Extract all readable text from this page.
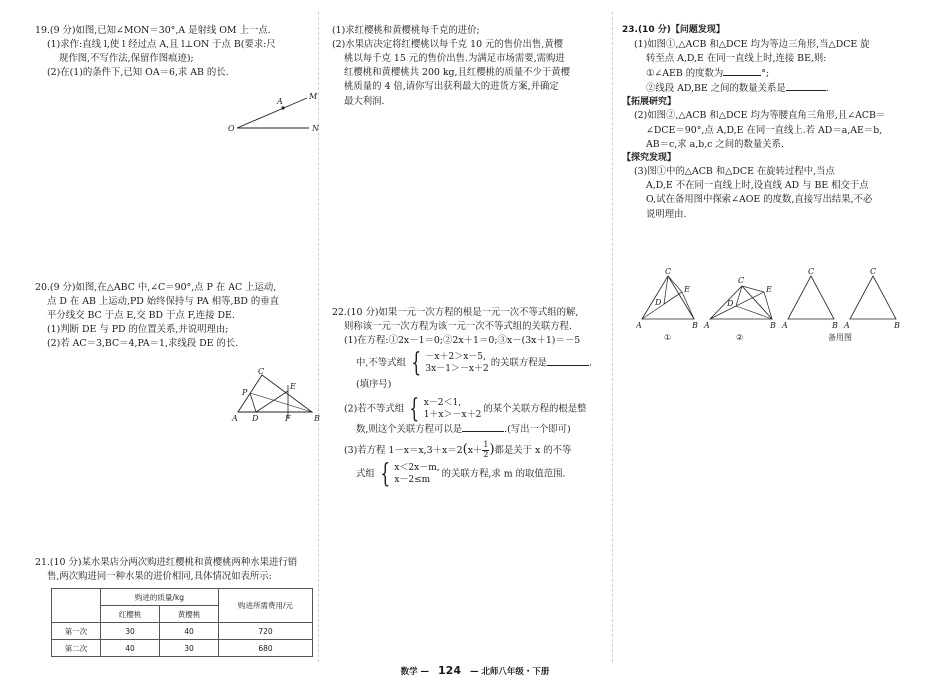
19.(9 分)如图,已知∠MON＝30°,A 是射线 OM 上一点.

(1)求作:直线 l,使 l 经过点 A,且 l⊥ON 于点 B(要求:尺

规作图,不写作法,保留作图痕迹);

(2)在(1)的条件下,已知 OA＝6,求 AB 的长.

A
M
O	N

20.(9 分)如图,在△ABC 中,∠C＝90°,点 P 在 AC 上运动,

点 D 在 AB 上运动,PD 始终保持与 PA 相等,BD 的垂直

平分线交 BC 于点 E,交 BD 于点 F,连接 DE.

(1)判断 DE 与 PD 的位置关系,并说明理由;

(2)若 AC＝3,BC＝4,PA＝1,求线段 DE 的长.

C
P
E
A D	F	B

21.(10 分)某水果店分两次购进红樱桃和黄樱桃两种水果进行销

售,两次购进同一种水果的进价相同,具体情况如表所示:

	购进的质量/kg		购进所需费用/元
	红樱桃	黄樱桃	
第一次	30	40	720
第二次	40	30	680

(1)求红樱桃和黄樱桃每千克的进价;

(2)水果店决定将红樱桃以每千克 10 元的售价出售,黄樱

桃以每千克 15 元的售价出售.为满足市场需要,需购进

红樱桃和黄樱桃共 200 kg,且红樱桃的质量不少于黄樱

桃质量的 4 倍,请你写出获利最大的进货方案,并确定

最大利润.

22.(10 分)如果一元一次方程的根是一元一次不等式组的解,

则称该一元一次方程为该一元一次不等式组的关联方程.

(1)在方程:①2x－1＝0;②2x＋1＝0;③x－(3x＋1)＝－5

中,不等式组 { －x＋2＞x－5,
3x－1＞－x＋2
的关联方程是	.

(填序号)

(2)若不等式组 { x－2＜1,
1＋x＞－x＋2
的某个关联方程的根是整

数,则这个关联方程可以是	.(写出一个即可)

(3)若方程 $1-x=x,3+x=2(x+ \frac{1}{2}$ )都是关于 x 的不等

式组 { x＜2x－m,
x－2≤m
的关联方程,求 m 的取值范围.

23.(10 分)【问题发现】

(1)如图①,△ACB 和△DCE 均为等边三角形,当△DCE 旋

转至点 A,D,E 在同一直线上时,连接 BE,则:

①∠AEB 的度数为	°;

②线段 AD,BE 之间的数量关系是	.

【拓展研究】

(2)如图②,△ACB 和△DCE 均为等腰直角三角形,且∠ACB＝

∠DCE＝90°,点 A,D,E 在同一直线上.若 AD＝a,AE＝b,

AB＝c,求 a,b,c 之间的数量关系.

【探究发现】

(3)图①中的△ACB 和△DCE 在旋转过程中,当点

A,D,E 不在同一直线上时,设直线 AD 与 BE 相交于点

O,试在备用图中探索∠AOE 的度数,直接写出结果,不必

说明理由.

C
E
D
A	B
①
C
E
D
A	B
②
C
A	B
C
A	B
备用图
数学 — 124 — 北师八年级・下册
